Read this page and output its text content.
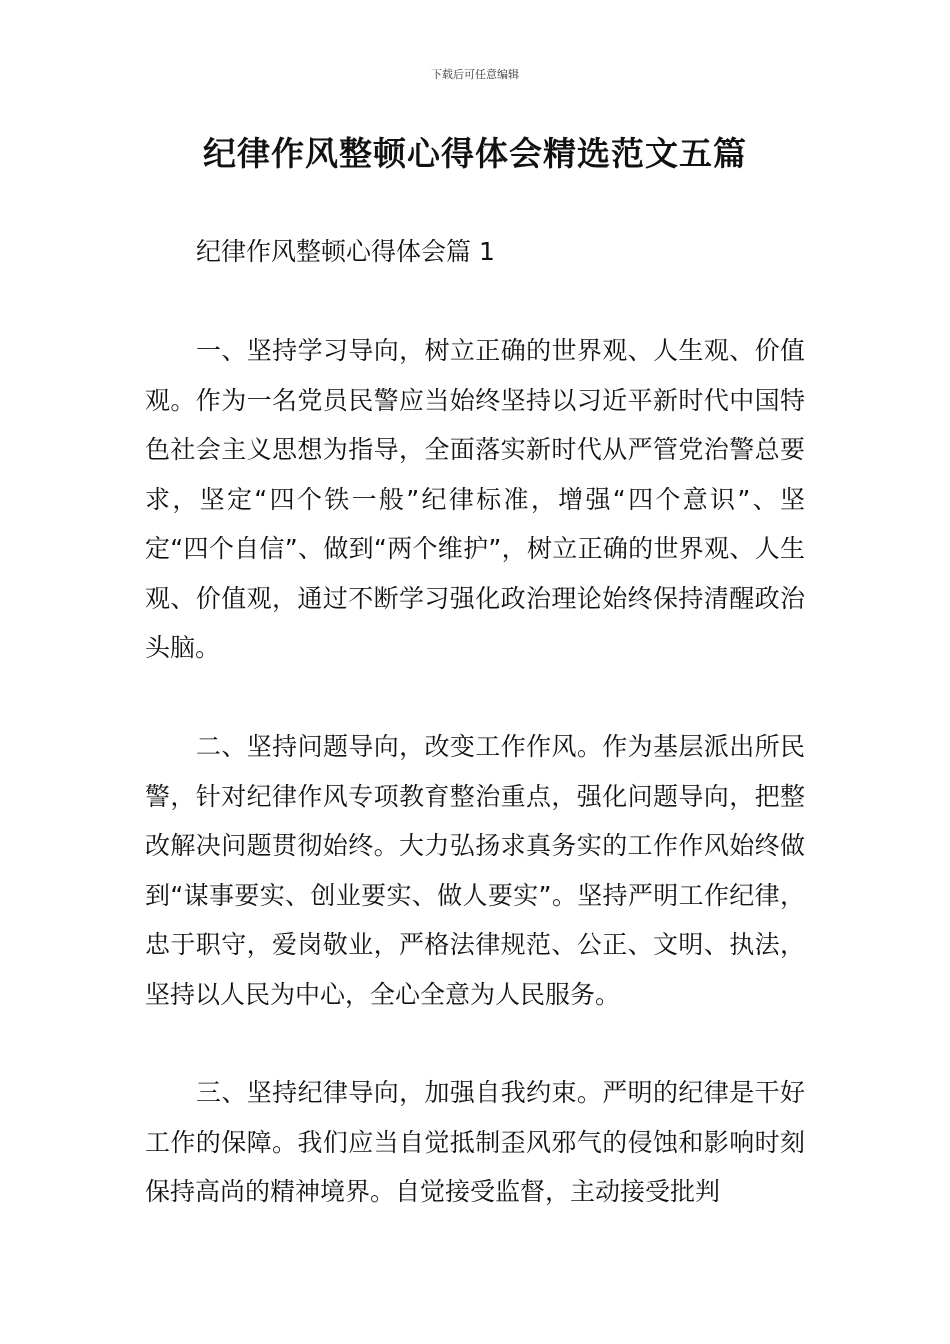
下载后可任意编辑
纪律作风整顿心得体会精选范文五篇
纪律作风整顿心得体会篇 1

一、坚持学习导向，树立正确的世界观、人生观、价值观。作为一名党员民警应当始终坚持以习近平新时代中国特色社会主义思想为指导，全面落实新时代从严管党治警总要求，坚定“四个铁一般”纪律标准，增强“四个意识”、坚定“四个自信”、做到“两个维护”，树立正确的世界观、人生观、价值观，通过不断学习强化政治理论始终保持清醒政治头脑。

二、坚持问题导向，改变工作作风。作为基层派出所民警，针对纪律作风专项教育整治重点，强化问题导向，把整改解决问题贯彻始终。大力弘扬求真务实的工作作风始终做到“谋事要实、创业要实、做人要实”。坚持严明工作纪律，忠于职守，爱岗敬业，严格法律规范、公正、文明、执法，坚持以人民为中心，全心全意为人民服务。

三、坚持纪律导向，加强自我约束。严明的纪律是干好工作的保障。我们应当自觉抵制歪风邪气的侵蚀和影响时刻保持高尚的精神境界。自觉接受监督，主动接受批判
